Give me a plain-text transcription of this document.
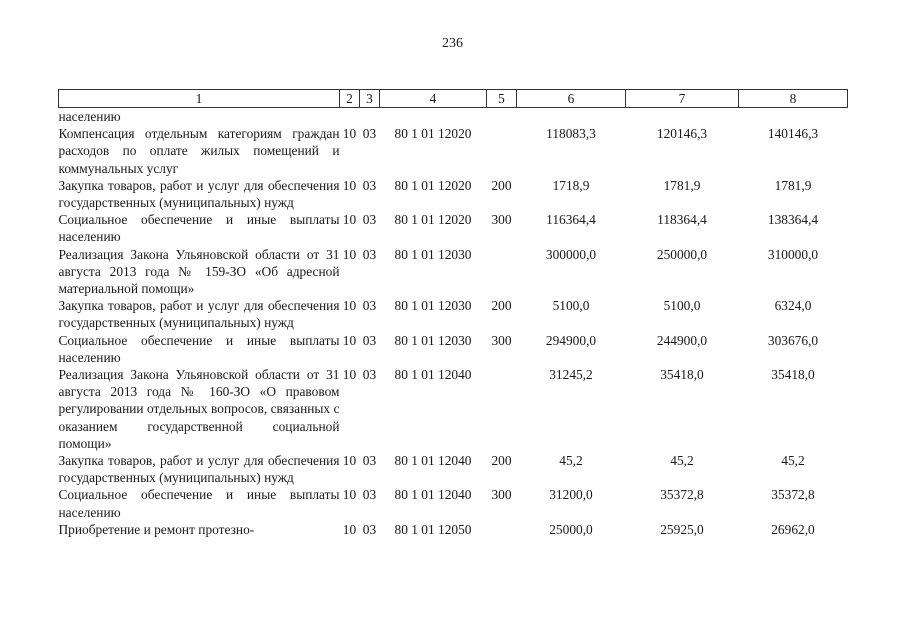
236
1	2	3	4	5	6	7	8
населению							
Компенсация отдельным категориям граждан расходов по оплате жилых помещений и коммунальных услуг	10	03	80 1 01 12020		118083,3	120146,3	140146,3
Закупка товаров, работ и услуг для обеспечения государственных (муниципальных) нужд	10	03	80 1 01 12020	200	1718,9	1781,9	1781,9
Социальное обеспечение и иные выплаты населению	10	03	80 1 01 12020	300	116364,4	118364,4	138364,4
Реализация Закона Ульяновской области от 31 августа 2013 года № 159-ЗО «Об адресной материальной помощи»	10	03	80 1 01 12030		300000,0	250000,0	310000,0
Закупка товаров, работ и услуг для обеспечения государственных (муниципальных) нужд	10	03	80 1 01 12030	200	5100,0	5100,0	6324,0
Социальное обеспечение и иные выплаты населению	10	03	80 1 01 12030	300	294900,0	244900,0	303676,0
Реализация Закона Ульяновской области от 31 августа 2013 года № 160-ЗО «О правовом регулировании отдельных вопросов, связанных с оказанием государственной социальной помощи»	10	03	80 1 01 12040		31245,2	35418,0	35418,0
Закупка товаров, работ и услуг для обеспечения государственных (муниципальных) нужд	10	03	80 1 01 12040	200	45,2	45,2	45,2
Социальное обеспечение и иные выплаты населению	10	03	80 1 01 12040	300	31200,0	35372,8	35372,8
Приобретение и ремонт протезно-	10	03	80 1 01 12050		25000,0	25925,0	26962,0
